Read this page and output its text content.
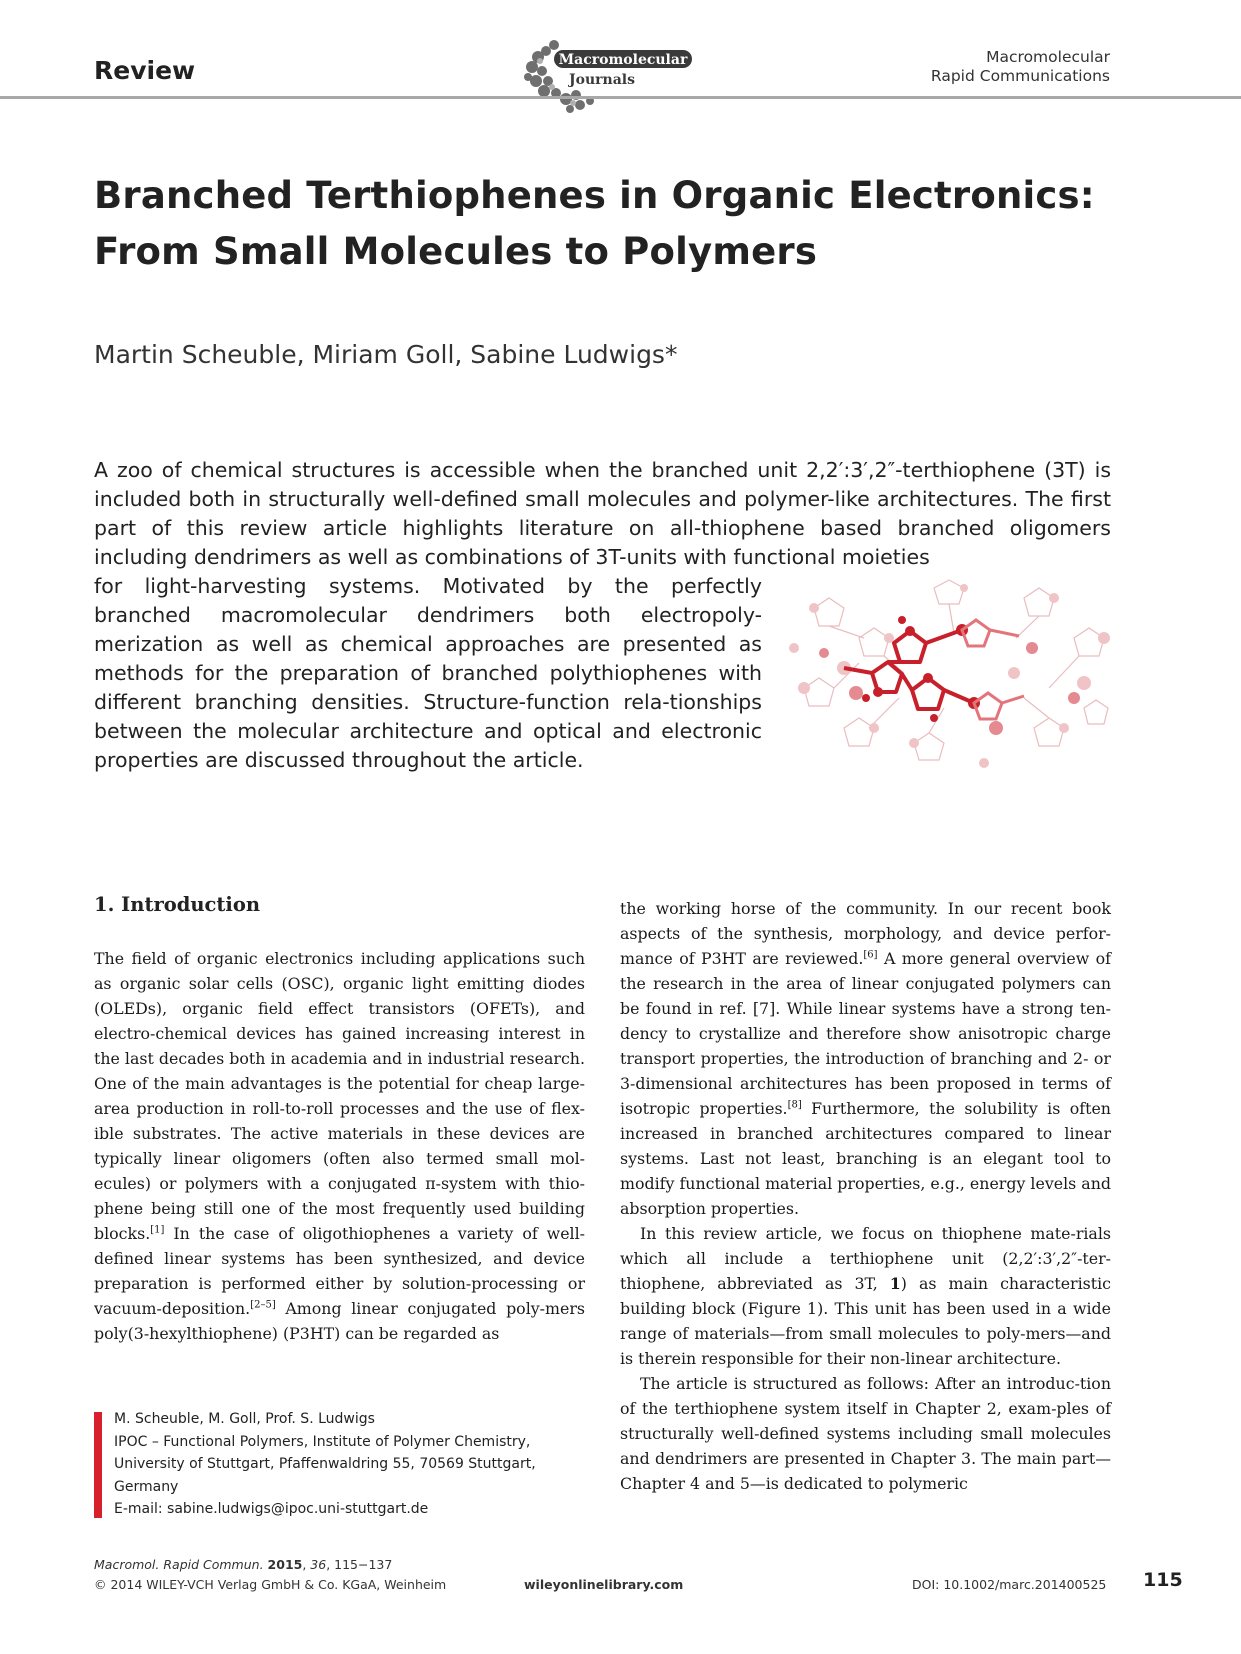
Review	Macromolecular
Journals
Macromolecular
Rapid Communications
Branched Terthiophenes in Organic Electronics:
From Small Molecules to Polymers
Martin Scheuble, Miriam Goll, Sabine Ludwigs*
A zoo of chemical structures is accessible when the branched unit 2,2′:3′,2″-terthiophene (3T) is included both in structurally well-defined small molecules and polymer-like architectures. The first part of this review article highlights literature on all-thiophene based branched oligomers including dendrimers as well as combinations of 3T-units with functional moieties
for light-harvesting systems. Motivated by the perfectly branched macromolecular dendrimers both electropoly-merization as well as chemical approaches are presented as methods for the preparation of branched polythiophenes with different branching densities. Structure-function rela-tionships between the molecular architecture and optical and electronic properties are discussed throughout the article.
1. Introduction

The field of organic electronics including applications such as organic solar cells (OSC), organic light emitting diodes (OLEDs), organic field effect transistors (OFETs), and electro-chemical devices has gained increasing interest in the last decades both in academia and in industrial research. One of the main advantages is the potential for cheap large-area production in roll-to-roll processes and the use of flex-ible substrates. The active materials in these devices are typically linear oligomers (often also termed small mol-ecules) or polymers with a conjugated π-system with thio-phene being still one of the most frequently used building blocks.[1] In the case of oligothiophenes a variety of well-defined linear systems has been synthesized, and device preparation is performed either by solution-processing or vacuum-deposition.[2–5] Among linear conjugated poly-mers poly(3-hexylthiophene) (P3HT) can be regarded as

the working horse of the community. In our recent book aspects of the synthesis, morphology, and device perfor-mance of P3HT are reviewed.[6] A more general overview of the research in the area of linear conjugated polymers can be found in ref. [7]. While linear systems have a strong ten-dency to crystallize and therefore show anisotropic charge transport properties, the introduction of branching and 2- or 3-dimensional architectures has been proposed in terms of isotropic properties.[8] Furthermore, the solubility is often increased in branched architectures compared to linear systems. Last not least, branching is an elegant tool to modify functional material properties, e.g., energy levels and absorption properties.

In this review article, we focus on thiophene mate-rials which all include a terthiophene unit (2,2′:3′,2″-ter-thiophene, abbreviated as 3T, 1) as main characteristic building block (Figure 1). This unit has been used in a wide range of materials—from small molecules to poly-mers—and is therein responsible for their non-linear architecture.

The article is structured as follows: After an introduc-tion of the terthiophene system itself in Chapter 2, exam-ples of structurally well-defined systems including small molecules and dendrimers are presented in Chapter 3. The main part—Chapter 4 and 5—is dedicated to polymeric

M. Scheuble, M. Goll, Prof. S. Ludwigs
IPOC – Functional Polymers, Institute of Polymer Chemistry,
University of Stuttgart, Pfaffenwaldring 55, 70569 Stuttgart,
Germany
E-mail: sabine.ludwigs@ipoc.uni-stuttgart.de
Macromol. Rapid Commun. 2015, 36, 115−137
© 2014 WILEY-VCH Verlag GmbH & Co. KGaA, Weinheim	wileyonlinelibrary.com	DOI: 10.1002/marc.201400525 115
